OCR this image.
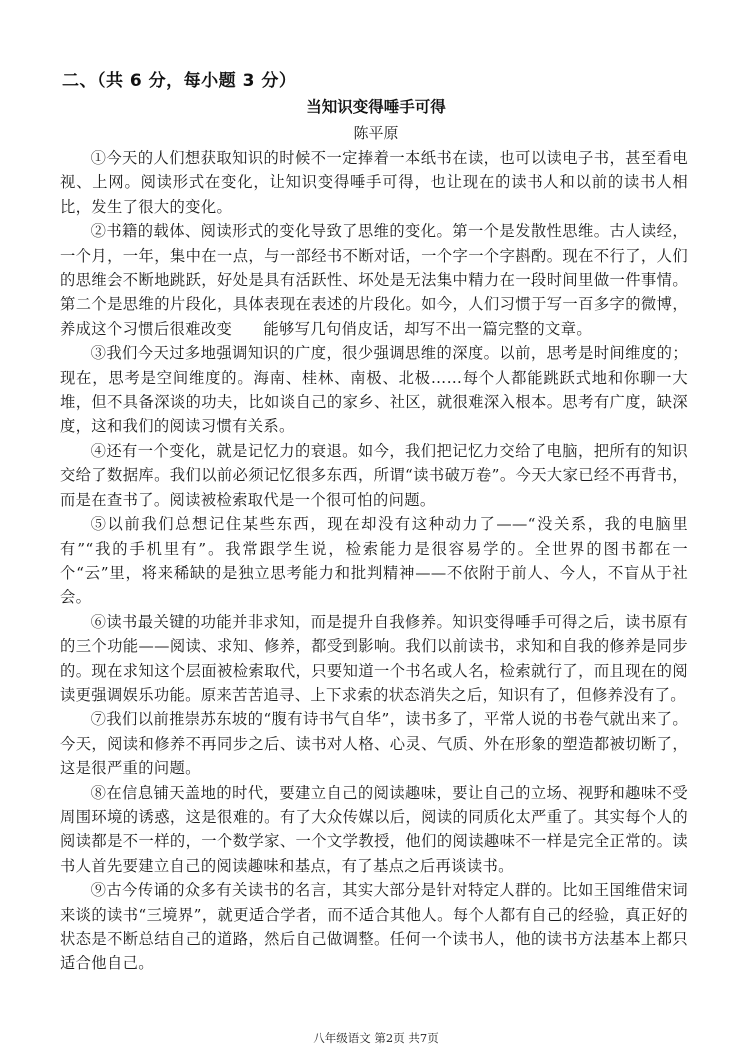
二、（共 6 分，每小题 3 分）
当知识变得唾手可得
陈平原

①今天的人们想获取知识的时候不一定捧着一本纸书在读，也可以读电子书，甚至看电视、上网。阅读形式在变化，让知识变得唾手可得，也让现在的读书人和以前的读书人相比，发生了很大的变化。

②书籍的载体、阅读形式的变化导致了思维的变化。第一个是发散性思维。古人读经，一个月，一年，集中在一点，与一部经书不断对话，一个字一个字斟酌。现在不行了，人们的思维会不断地跳跃，好处是具有活跃性、坏处是无法集中精力在一段时间里做一件事情。第二个是思维的片段化，具体表现在表述的片段化。如今，人们习惯于写一百多字的微博，养成这个习惯后很难改变　　能够写几句俏皮话，却写不出一篇完整的文章。

③我们今天过多地强调知识的广度，很少强调思维的深度。以前，思考是时间维度的；现在，思考是空间维度的。海南、桂林、南极、北极……每个人都能跳跃式地和你聊一大堆，但不具备深谈的功夫，比如谈自己的家乡、社区，就很难深入根本。思考有广度，缺深度，这和我们的阅读习惯有关系。

④还有一个变化，就是记忆力的衰退。如今，我们把记忆力交给了电脑，把所有的知识交给了数据库。我们以前必须记忆很多东西，所谓“读书破万卷”。今天大家已经不再背书，而是在查书了。阅读被检索取代是一个很可怕的问题。

⑤以前我们总想记住某些东西，现在却没有这种动力了——“没关系，我的电脑里有”“我的手机里有”。我常跟学生说，检索能力是很容易学的。全世界的图书都在一个“云”里，将来稀缺的是独立思考能力和批判精神——不依附于前人、今人，不盲从于社会。

⑥读书最关键的功能并非求知，而是提升自我修养。知识变得唾手可得之后，读书原有的三个功能——阅读、求知、修养，都受到影响。我们以前读书，求知和自我的修养是同步的。现在求知这个层面被检索取代，只要知道一个书名或人名，检索就行了，而且现在的阅读更强调娱乐功能。原来苦苦追寻、上下求索的状态消失之后，知识有了，但修养没有了。

⑦我们以前推崇苏东坡的“腹有诗书气自华”，读书多了，平常人说的书卷气就出来了。今天，阅读和修养不再同步之后、读书对人格、心灵、气质、外在形象的塑造都被切断了，这是很严重的问题。

⑧在信息铺天盖地的时代，要建立自己的阅读趣味，要让自己的立场、视野和趣味不受周围环境的诱惑，这是很难的。有了大众传媒以后，阅读的同质化太严重了。其实每个人的阅读都是不一样的，一个数学家、一个文学教授，他们的阅读趣味不一样是完全正常的。读书人首先要建立自己的阅读趣味和基点，有了基点之后再谈读书。

⑨古今传诵的众多有关读书的名言，其实大部分是针对特定人群的。比如王国维借宋词来谈的读书“三境界”，就更适合学者，而不适合其他人。每个人都有自己的经验，真正好的状态是不断总结自己的道路，然后自己做调整。任何一个读书人，他的读书方法基本上都只适合他自己。

八年级语文 第2页 共7页
